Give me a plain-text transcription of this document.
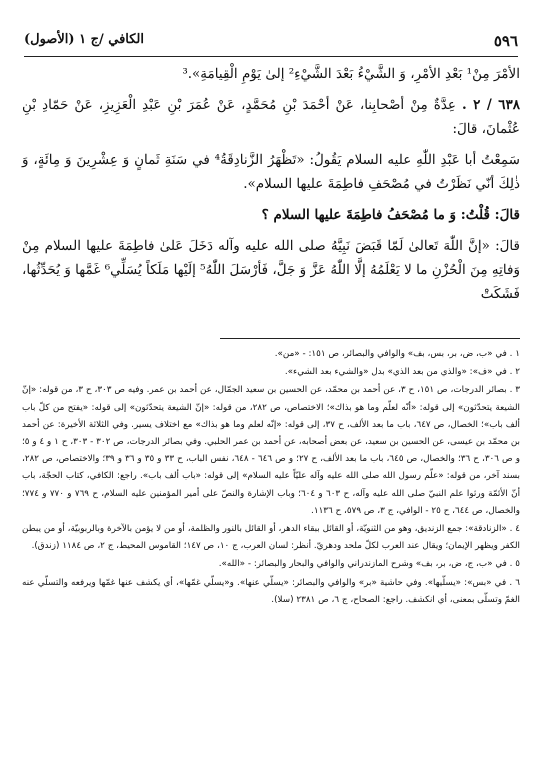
٥٩٦
الكافي /ج ١ (الأصول)

الأمْرَ مِنْ¹ بَعْدِ الأمْرِ، وَ الشَّيْءُ بَعْدَ الشَّيْءِ² إلىٰ يَوْمِ الْقِيامَةِ».³

٦٣٨ / ٢ . عِدَّةٌ مِنْ أصْحابِنا، عَنْ أحْمَدَ بْنِ مُحَمَّدٍ، عَنْ عُمَرَ بْنِ عَبْدِ الْعَزِيزِ، عَنْ حَمّادِ بْنِ عُثْمانَ، قالَ:

سَمِعْتُ أبا عَبْدِ اللّٰهِ عليه السلام يَقُولُ: «تَظْهَرُ الزَّنادِقَةُ⁴ في سَنَةِ ثَمانٍ وَ عِشْرِينَ وَ مِائَةٍ، وَ ذٰلِكَ أنّي نَظَرْتُ في مُصْحَفِ فاطِمَةَ عليها السلام».

قالَ: قُلْتُ: وَ ما مُصْحَفُ فاطِمَةَ عليها السلام ؟

قالَ: «إنَّ اللّٰهَ تَعالىٰ لَمّا قَبَضَ نَبِيَّهُ صلى الله عليه وآله دَخَلَ عَلىٰ فاطِمَةَ عليها السلام مِنْ وَفاتِهِ مِنَ الْحُزْنِ ما لا يَعْلَمُهُ إلَّا اللّٰهُ عَزَّ وَ جَلَّ، فَأرْسَلَ اللّٰهُ⁵ إلَيْها مَلَكاً يُسَلِّي⁶ غَمَّها وَ يُحَدِّثُها، فَشَكَتْ

١ . في «ب، ض، بر، بس، بف» والوافي والبصائر، ص ١٥١: - «من».

٢ . في «ف»: «والذي من بعد الذي» بدل «والشيء بعد الشيء».

٣ . بصائر الدرجات، ص ١٥١، ح ٣، عن أحمد بن محمّد، عن الحسين بن سعيد الجمّال، عن أحمد بن عمر. وفيه ص ٣٠٣، ح ٣، من قوله: «إنّ الشيعة يتحدّثون» إلى قوله: «أنّه لعلّم وما هو بذاك»؛ الاختصاص، ص ٢٨٢، من قوله: «إنّ الشيعة يتحدّثون» إلى قوله: «يفتح من كلّ باب ألف باب»؛ الخصال، ص ٦٤٧، باب ما بعد الألف، ح ٣٧، إلى قوله: «إنّه لعلم وما هو بذاك» مع اختلاف يسير. وفي الثلاثة الأخيرة: عن أحمد بن محمّد بن عيسى، عن الحسين بن سعيد، عن بعض أصحابه، عن أحمد بن عمر الحلبي. وفي بصائر الدرجات، ص ٣٠٢ - ٣٠٣، ح ١ و ٤ و ٥؛ و ص ٣٠٦، ح ٣٦؛ والخصال، ص ٦٤٥، باب ما بعد الألف، ح ٢٧؛ و ص ٦٤٦ - ٦٤٨، نفس الباب، ح ٣٣ و ٣٥ و ٣٦ و ٣٩؛ والاختصاص، ص ٢٨٢، بسند آخر، من قوله: «علّم رسول الله صلى الله عليه وآله عليّاً عليه السلام» إلى قوله: «باب ألف باب». راجع: الكافي، كتاب الحجّة، باب أنّ الأئمّة ورثوا علم النبيّ صلى الله عليه وآله، ح ٦٠٣ و ٦٠٤؛ وباب الإشارة والنصّ على أمير المؤمنين عليه السلام، ح ٧٦٩ و ٧٧٠ و ٧٧٤؛ والخصال، ص ٦٤٤، ح ٢٥ - الوافي، ج ٣، ص ٥٧٩، ح ١١٣٦.

٤ . «الزنادقة»: جمع الزنديق، وهو من الثنويّة، أو القائل ببقاء الدهر، أو القائل بالنور والظلمة، أو من لا يؤمن بالآخرة وبالربوبيّة، أو من يبطن الكفر ويظهر الإيمان؛ ويقال عند العرب لكلّ ملحد ودهريّ. أنظر: لسان العرب، ج ١٠، ص ١٤٧؛ القاموس المحيط، ج ٢، ص ١١٨٤ (زندق).

٥ . في «ب، ج، ض، بر، بف» وشرح المازندراني والوافي والبحار والبصائر: - «الله».

٦ . في «بس»: «يسلّيها». وفي حاشية «بر» والوافي والبصائر: «يسلّي عنها». و«يسلّي غمّها»، أي يكشف عنها غمّها ويرفعه والتسلّي عنه الغمّ وتسلّى بمعنى، أي انكشف. راجع: الصحاح، ج ٦، ص ٢٣٨١ (سلا).
